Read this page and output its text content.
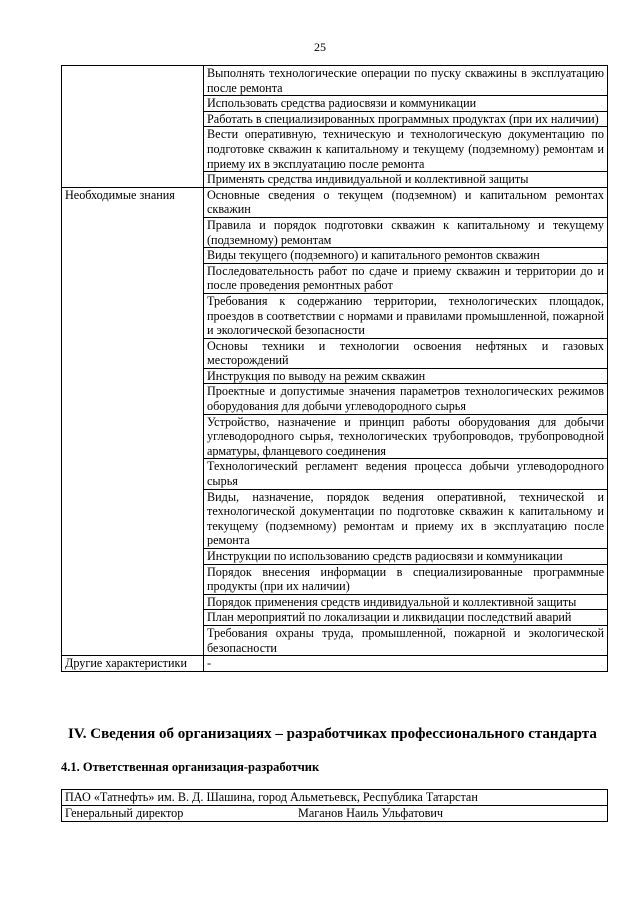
25
	Выполнять технологические операции по пуску скважины в эксплуатацию после ремонта
	Использовать средства радиосвязи и коммуникации
	Работать в специализированных программных продуктах (при их наличии)
	Вести оперативную, техническую и технологическую документацию по подготовке скважин к капитальному и текущему (подземному) ремонтам и приему их в эксплуатацию после ремонта
	Применять средства индивидуальной и коллективной защиты
Необходимые знания	Основные сведения о текущем (подземном) и капитальном ремонтах скважин
	Правила и порядок подготовки скважин к капитальному и текущему (подземному) ремонтам
	Виды текущего (подземного) и капитального ремонтов скважин
	Последовательность работ по сдаче и приему скважин и территории до и после проведения ремонтных работ
	Требования к содержанию территории, технологических площадок, проездов в соответствии с нормами и правилами промышленной, пожарной и экологической безопасности
	Основы техники и технологии освоения нефтяных и газовых месторождений
	Инструкция по выводу на режим скважин
	Проектные и допустимые значения параметров технологических режимов оборудования для добычи углеводородного сырья
	Устройство, назначение и принцип работы оборудования для добычи углеводородного сырья, технологических трубопроводов, трубопроводной арматуры, фланцевого соединения
	Технологический регламент ведения процесса добычи углеводородного сырья
	Виды, назначение, порядок ведения оперативной, технической и технологической документации по подготовке скважин к капитальному и текущему (подземному) ремонтам и приему их в эксплуатацию после ремонта
	Инструкции по использованию средств радиосвязи и коммуникации
	Порядок внесения информации в специализированные программные продукты (при их наличии)
	Порядок применения средств индивидуальной и коллективной защиты
	План мероприятий по локализации и ликвидации последствий аварий
	Требования охраны труда, промышленной, пожарной и экологической безопасности
Другие характеристики	-
IV. Сведения об организациях – разработчиках профессионального стандарта
4.1. Ответственная организация-разработчик
ПАО «Татнефть» им. В. Д. Шашина, город Альметьевск, Республика Татарстан

Генеральный директор	Маганов Наиль Ульфатович
